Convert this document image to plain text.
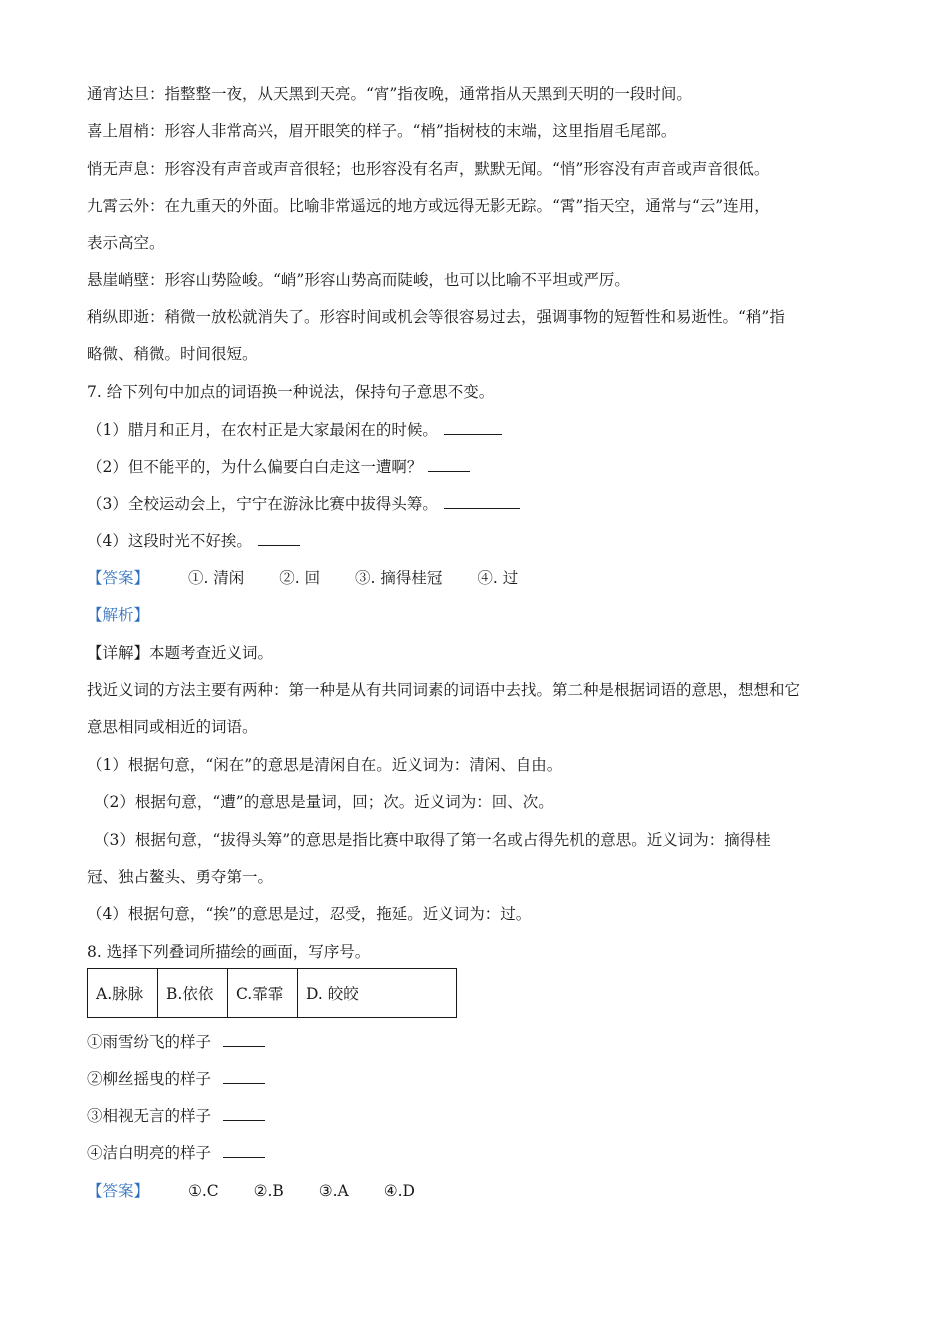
通宵达旦：指整整一夜，从天黑到天亮。“宵”指夜晚，通常指从天黑到天明的一段时间。
喜上眉梢：形容人非常高兴，眉开眼笑的样子。“梢”指树枝的末端，这里指眉毛尾部。
悄无声息：形容没有声音或声音很轻；也形容没有名声，默默无闻。“悄”形容没有声音或声音很低。
九霄云外：在九重天的外面。比喻非常遥远的地方或远得无影无踪。“霄”指天空，通常与“云”连用，
表示高空。
悬崖峭壁：形容山势险峻。“峭”形容山势高而陡峻，也可以比喻不平坦或严厉。
稍纵即逝：稍微一放松就消失了。形容时间或机会等很容易过去，强调事物的短暂性和易逝性。“稍”指
略微、稍微。时间很短。
7. 给下列句中加点的词语换一种说法，保持句子意思不变。
（1）腊月和正月，在农村正是大家最闲在的时候。
（2）但不能平的，为什么偏要白白走这一遭啊？
（3）全校运动会上，宁宁在游泳比赛中拔得头筹。
（4）这段时光不好挨。
【答案】	①. 清闲 ②. 回 ③. 摘得桂冠 ④. 过
【解析】
【详解】本题考查近义词。
找近义词的方法主要有两种：第一种是从有共同词素的词语中去找。第二种是根据词语的意思，想想和它
意思相同或相近的词语。
（1）根据句意，“闲在”的意思是清闲自在。近义词为：清闲、自由。
（2）根据句意，“遭”的意思是量词，回；次。近义词为：回、次。
（3）根据句意，“拔得头筹”的意思是指比赛中取得了第一名或占得先机的意思。近义词为：摘得桂
冠、独占鳌头、勇夺第一。
（4）根据句意，“挨”的意思是过，忍受，拖延。近义词为：过。
8. 选择下列叠词所描绘的画面，写序号。
A.脉脉	B.依依	C.霏霏	D. 皎皎
①雨雪纷飞的样子
②柳丝摇曳的样子
③相视无言的样子
④洁白明亮的样子
【答案】	①.C ②.B ③.A ④.D
